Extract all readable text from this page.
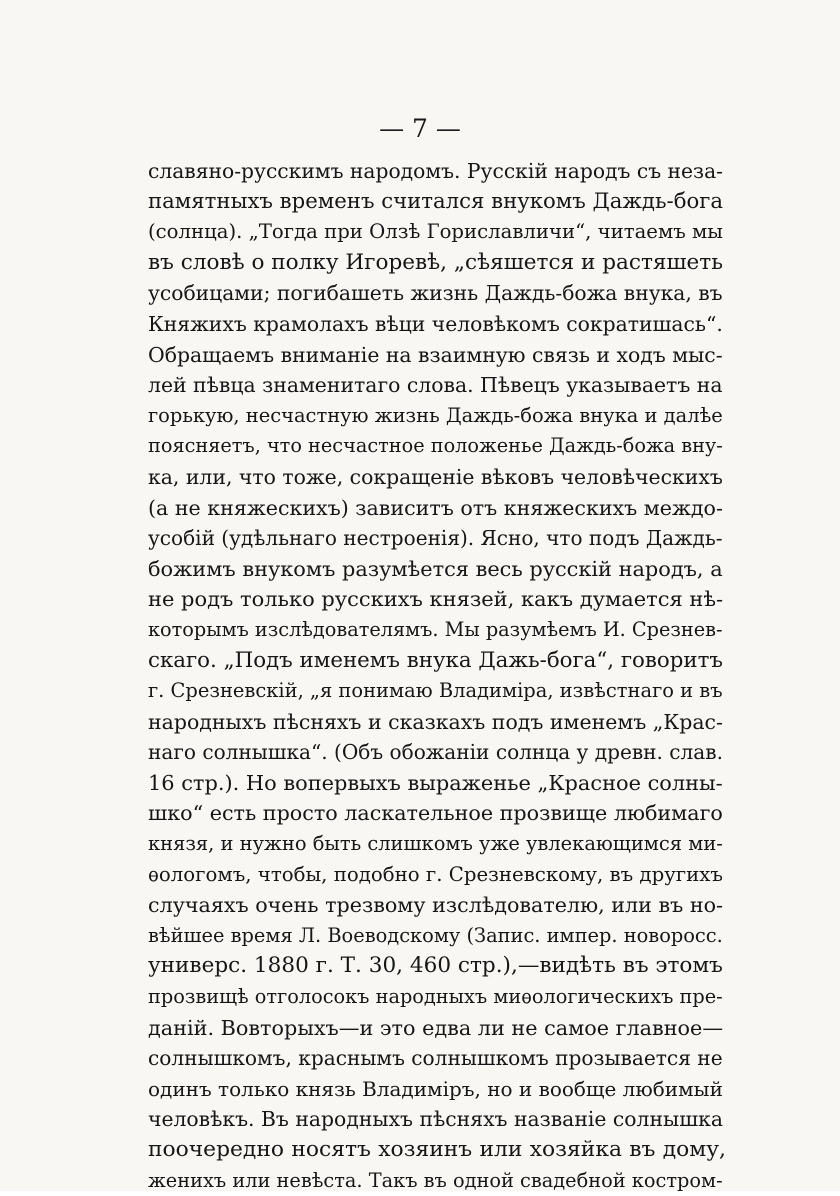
— 7 —
славяно-русскимъ народомъ. Русскій народъ съ неза-
памятныхъ временъ считался внукомъ Даждь-бога
(солнца). „Тогда при Олзѣ Гориславличи“, читаемъ мы
въ словѣ о полку Игоревѣ, „сѣяшется и растяшеть
усобицами; погибашеть жизнь Даждь-божа внука, въ
Княжихъ крамолахъ вѣци человѣкомъ сократишась“.
Обращаемъ вниманіе на взаимную связь и ходъ мыс-
лей пѣвца знаменитаго слова. Пѣвецъ указываетъ на
горькую, несчастную жизнь Даждь-божа внука и далѣе
поясняетъ, что несчастное положенье Даждь-божа вну-
ка, или, что тоже, сокращеніе вѣковъ человѣческихъ
(а не княжескихъ) зависитъ отъ княжескихъ междо-
усобій (удѣльнаго нестроенія). Ясно, что подъ Даждь-
божимъ внукомъ разумѣется весь русскій народъ, а
не родъ только русскихъ князей, какъ думается нѣ-
которымъ изслѣдователямъ. Мы разумѣемъ И. Срезнев-
скаго. „Подъ именемъ внука Дажь-бога“, говоритъ
г. Срезневскій, „я понимаю Владиміра, извѣстнаго и въ
народныхъ пѣсняхъ и сказкахъ подъ именемъ „Крас-
наго солнышка“. (Объ обожаніи солнца у древн. слав.
16 стр.). Но вопервыхъ выраженье „Красное солны-
шко“ есть просто ласкательное прозвище любимаго
князя, и нужно быть слишкомъ уже увлекающимся ми-
ѳологомъ, чтобы, подобно г. Срезневскому, въ другихъ
случаяхъ очень трезвому изслѣдователю, или въ но-
вѣйшее время Л. Воеводскому (Запис. импер. новоросс.
универс. 1880 г. Т. 30, 460 стр.),—видѣть въ этомъ
прозвищѣ отголосокъ народныхъ миѳологическихъ пре-
даній. Вовторыхъ—и это едва ли не самое главное—
солнышкомъ, краснымъ солнышкомъ прозывается не
одинъ только князь Владиміръ, но и вообще любимый
человѣкъ. Въ народныхъ пѣсняхъ названіе солнышка
поочередно носятъ хозяинъ или хозяйка въ дому,
женихъ или невѣста. Такъ въ одной свадебной костром-
